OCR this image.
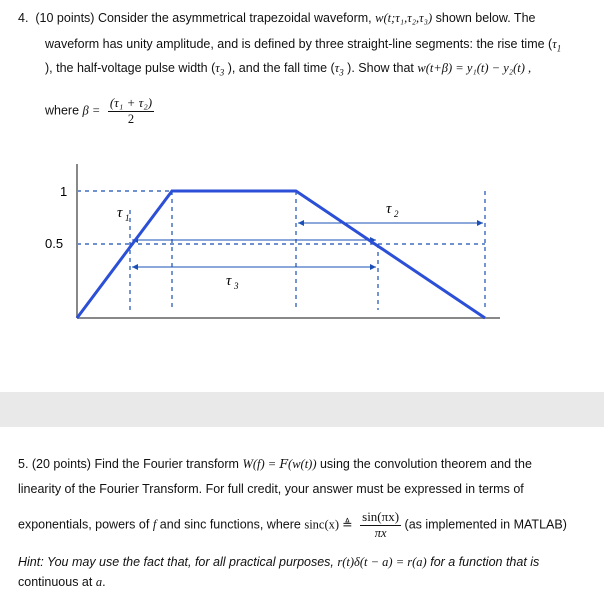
4. (10 points) Consider the asymmetrical trapezoidal waveform, w(t;τ₁,τ₂,τ₃) shown below. The
waveform has unity amplitude, and is defined by three straight-line segments: the rise time ($\tau_1$
), the half-voltage pulse width ($\tau_3$ ), and the fall time ($\tau_3$ ). Show that w(t+β) = y₁(t) − y₂(t) ,
where $\beta = \frac{\text{(τ₁ + τ₂)}}{2}$
1
0.5
τ 1
τ 2
τ 3
5. (20 points) Find the Fourier transform W(f) = F(w(t)) using the convolution theorem and the
linearity of the Fourier Transform. For full credit, your answer must be expressed in terms of
exponentials, powers of f and sinc functions, where sinc(x) ≜ $\frac{\sin(\pi x)}{\pi x} (as$ implemented in MATLAB)
Hint: You may use the fact that, for all practical purposes, r(t)δ(t − a) = r(a) for a function that is
continuous at a.
